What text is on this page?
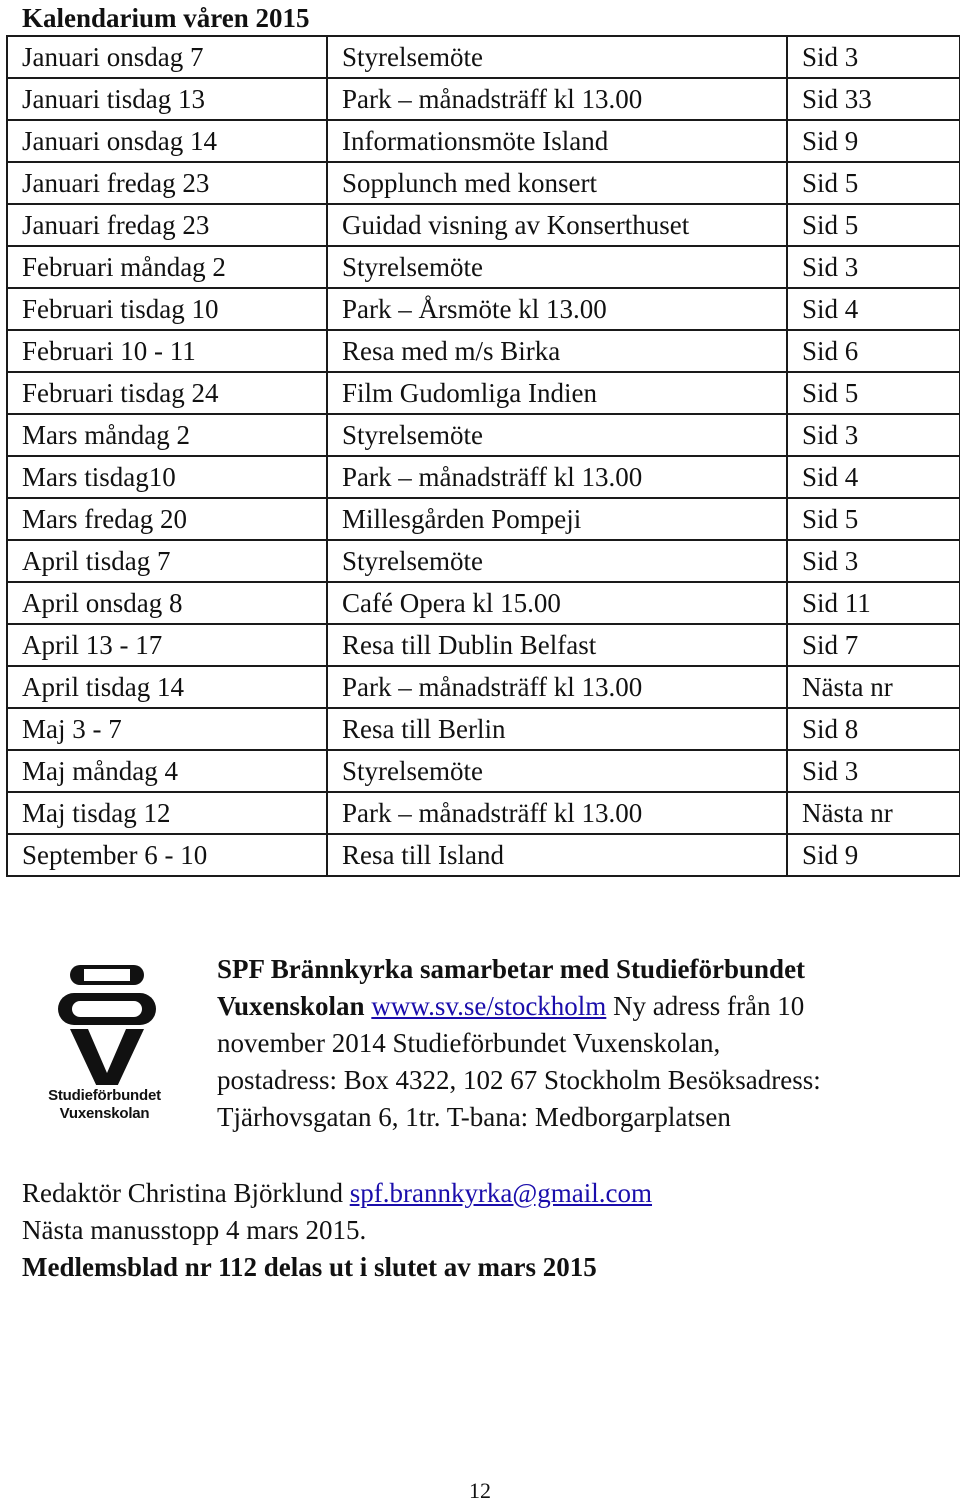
Kalendarium våren 2015
Januari onsdag 7	Styrelsemöte	Sid 3
Januari tisdag 13	Park – månadsträff kl 13.00	Sid 33
Januari onsdag 14	Informationsmöte Island	Sid 9
Januari fredag 23	Sopplunch med konsert	Sid 5
Januari fredag 23	Guidad visning av Konserthuset	Sid 5
Februari måndag 2	Styrelsemöte	Sid 3
Februari tisdag 10	Park – Årsmöte kl 13.00	Sid 4
Februari 10 - 11	Resa med m/s Birka	Sid 6
Februari tisdag 24	Film Gudomliga Indien	Sid 5
Mars måndag 2	Styrelsemöte	Sid 3
Mars tisdag10	Park – månadsträff kl 13.00	Sid 4
Mars fredag 20	Millesgården Pompeji	Sid 5
April tisdag 7	Styrelsemöte	Sid 3
April onsdag 8	Café Opera kl 15.00	Sid 11
April 13 - 17	Resa till Dublin Belfast	Sid 7
April tisdag 14	Park – månadsträff kl 13.00	Nästa nr
Maj 3 - 7	Resa till Berlin	Sid 8
Maj måndag 4	Styrelsemöte	Sid 3
Maj tisdag 12	Park – månadsträff kl 13.00	Nästa nr
September 6 - 10	Resa till Island	Sid 9
Studieförbundet
Vuxenskolan
SPF Brännkyrka samarbetar med Studieförbundet
Vuxenskolan www.sv.se/stockholm Ny adress från 10
november 2014 Studieförbundet Vuxenskolan,
postadress: Box 4322, 102 67 Stockholm Besöksadress:
Tjärhovsgatan 6, 1tr. T-bana: Medborgarplatsen
Redaktör Christina Björklund spf.brannkyrka@gmail.com
Nästa manusstopp 4 mars 2015.
Medlemsblad nr 112 delas ut i slutet av mars 2015
12
